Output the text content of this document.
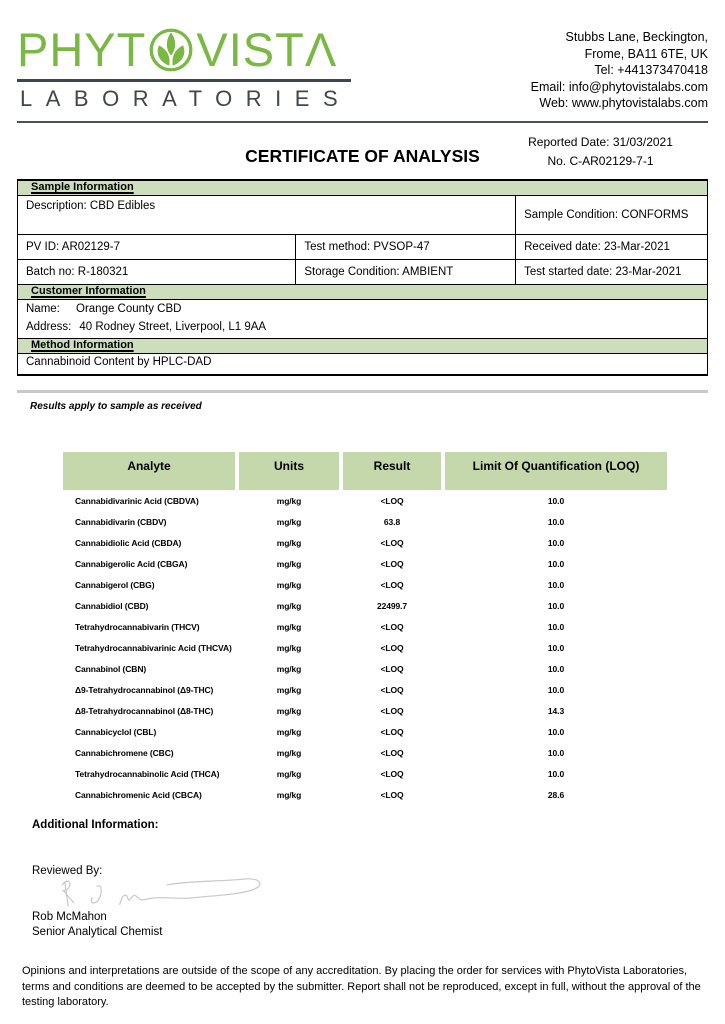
PHYT VIST Λ
LABORATORIES
Stubbs Lane, Beckington,
Frome, BA11 6TE, UK
Tel: +441373470418
Email: info@phytovistalabs.com
Web: www.phytovistalabs.com
CERTIFICATE OF ANALYSIS
Reported Date: 31/03/2021
No. C-AR02129-7-1
Sample Information
Description: CBD Edibles
Sample Condition: CONFORMS
PV ID: AR02129-7	Test method: PVSOP-47	Received date: 23-Mar-2021
Batch no: R-180321	Storage Condition: AMBIENT	Test started date: 23-Mar-2021
Customer Information
Name: Orange County CBD
Address: 40 Rodney Street, Liverpool, L1 9AA
Method Information
Cannabinoid Content by HPLC-DAD
Results apply to sample as received
Analyte	Units	Result	Limit Of Quantification (LOQ)
Cannabidivarinic Acid (CBDVA)	mg/kg	<LOQ	10.0
Cannabidivarin (CBDV)	mg/kg	63.8	10.0
Cannabidiolic Acid (CBDA)	mg/kg	<LOQ	10.0
Cannabigerolic Acid (CBGA)	mg/kg	<LOQ	10.0
Cannabigerol (CBG)	mg/kg	<LOQ	10.0
Cannabidiol (CBD)	mg/kg	22499.7	10.0
Tetrahydrocannabivarin (THCV)	mg/kg	<LOQ	10.0
Tetrahydrocannabivarinic Acid (THCVA)	mg/kg	<LOQ	10.0
Cannabinol (CBN)	mg/kg	<LOQ	10.0
Δ9-Tetrahydrocannabinol (Δ9-THC)	mg/kg	<LOQ	10.0
Δ8-Tetrahydrocannabinol (Δ8-THC)	mg/kg	<LOQ	14.3
Cannabicyclol (CBL)	mg/kg	<LOQ	10.0
Cannabichromene (CBC)	mg/kg	<LOQ	10.0
Tetrahydrocannabinolic Acid (THCA)	mg/kg	<LOQ	10.0
Cannabichromenic Acid (CBCA)	mg/kg	<LOQ	28.6
Additional Information:
Reviewed By:
Rob McMahon
Senior Analytical Chemist
Opinions and interpretations are outside of the scope of any accreditation. By placing the order for services with PhytoVista Laboratories, terms and conditions are deemed to be accepted by the submitter. Report shall not be reproduced, except in full, without the approval of the testing laboratory.
